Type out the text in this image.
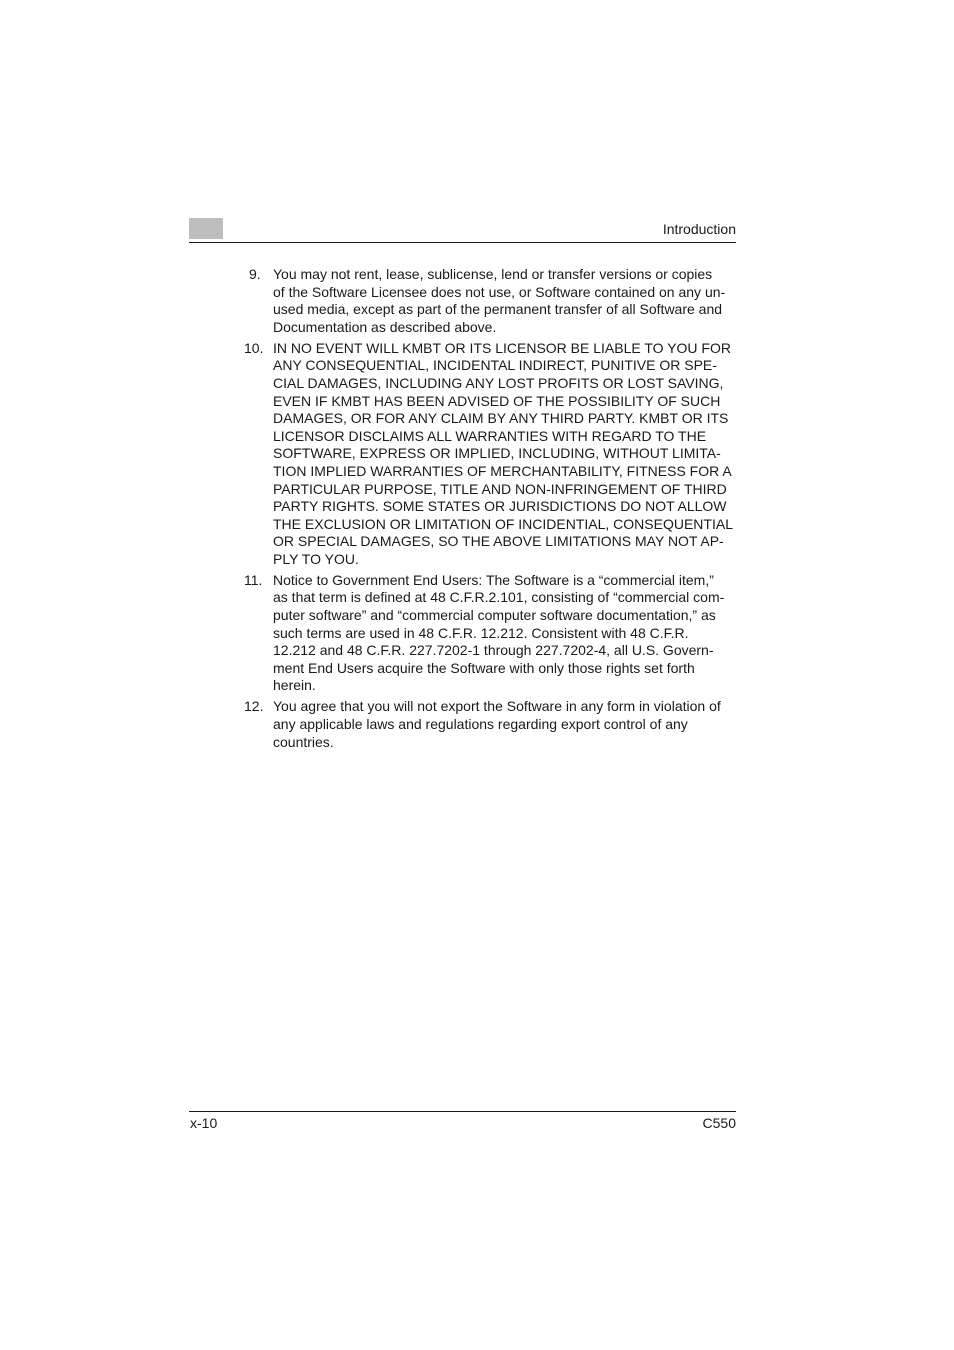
Introduction
9. You may not rent, lease, sublicense, lend or transfer versions or copies
of the Software Licensee does not use, or Software contained on any un-
used media, except as part of the permanent transfer of all Software and
Documentation as described above.
10. IN NO EVENT WILL KMBT OR ITS LICENSOR BE LIABLE TO YOU FOR
ANY CONSEQUENTIAL, INCIDENTAL INDIRECT, PUNITIVE OR SPE-
CIAL DAMAGES, INCLUDING ANY LOST PROFITS OR LOST SAVING,
EVEN IF KMBT HAS BEEN ADVISED OF THE POSSIBILITY OF SUCH
DAMAGES, OR FOR ANY CLAIM BY ANY THIRD PARTY. KMBT OR ITS
LICENSOR DISCLAIMS ALL WARRANTIES WITH REGARD TO THE
SOFTWARE, EXPRESS OR IMPLIED, INCLUDING, WITHOUT LIMITA-
TION IMPLIED WARRANTIES OF MERCHANTABILITY, FITNESS FOR A
PARTICULAR PURPOSE, TITLE AND NON-INFRINGEMENT OF THIRD
PARTY RIGHTS. SOME STATES OR JURISDICTIONS DO NOT ALLOW
THE EXCLUSION OR LIMITATION OF INCIDENTIAL, CONSEQUENTIAL
OR SPECIAL DAMAGES, SO THE ABOVE LIMITATIONS MAY NOT AP-
PLY TO YOU.
11. Notice to Government End Users: The Software is a “commercial item,”
as that term is defined at 48 C.F.R.2.101, consisting of “commercial com-
puter software” and “commercial computer software documentation,” as
such terms are used in 48 C.F.R. 12.212. Consistent with 48 C.F.R.
12.212 and 48 C.F.R. 227.7202-1 through 227.7202-4, all U.S. Govern-
ment End Users acquire the Software with only those rights set forth
herein.
12. You agree that you will not export the Software in any form in violation of
any applicable laws and regulations regarding export control of any
countries.
x-10	C550
